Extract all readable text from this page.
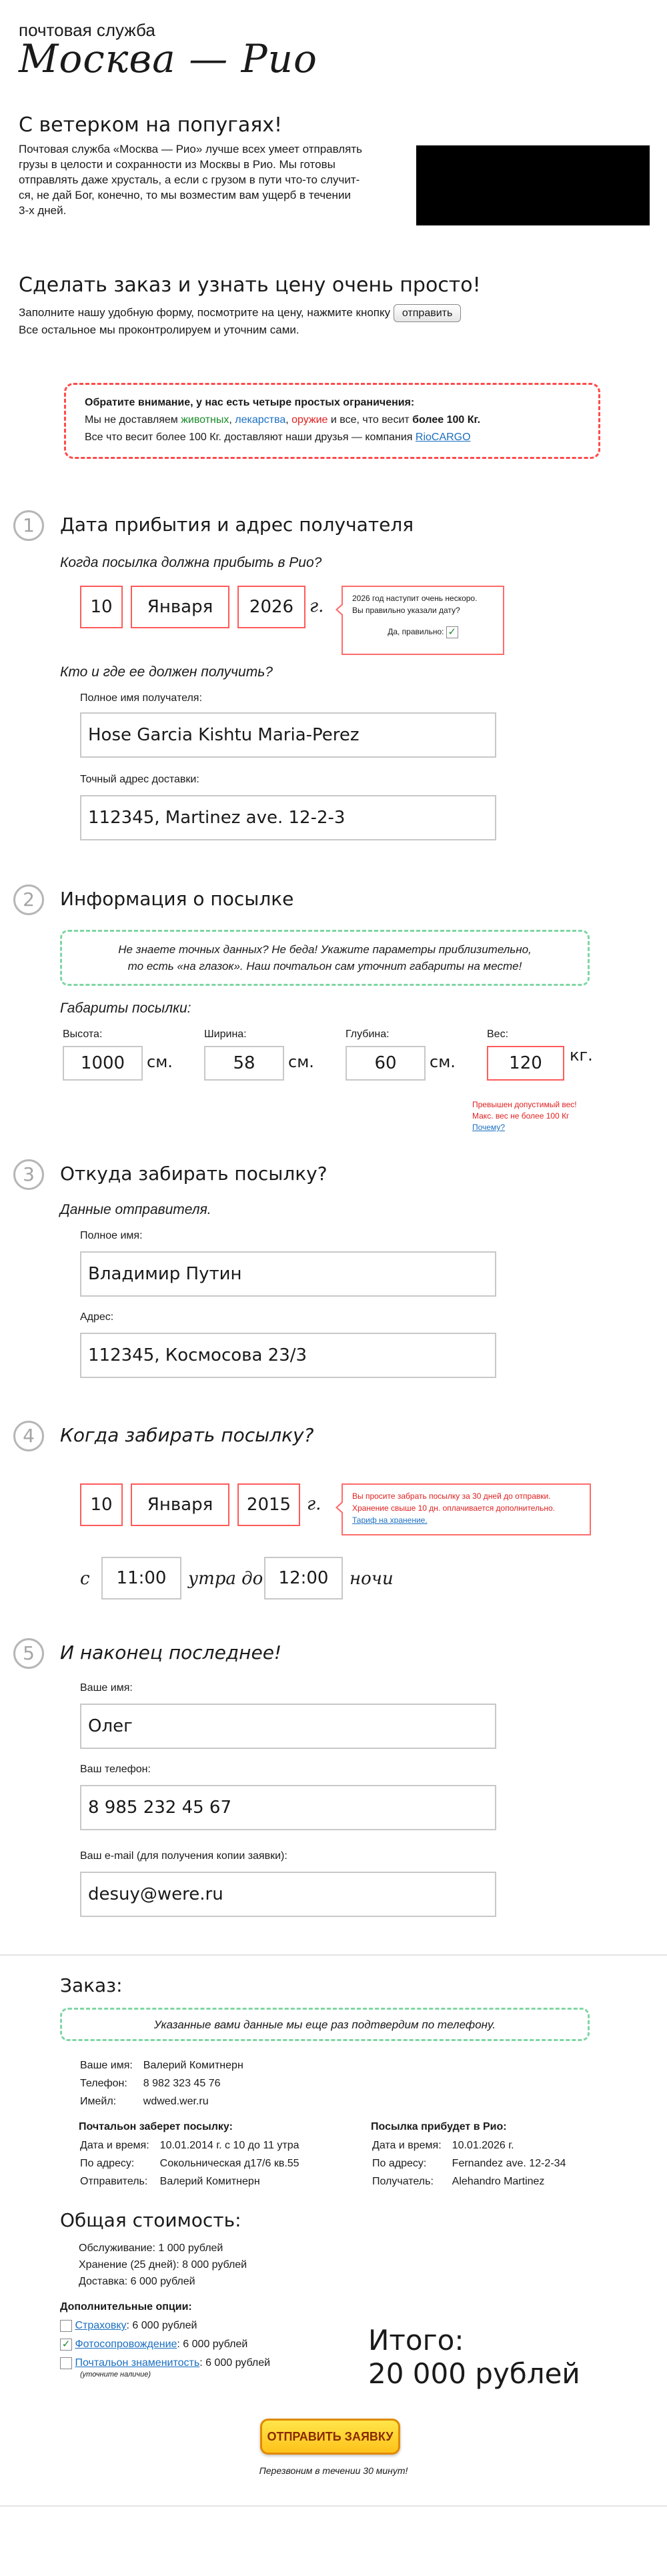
почтовая служба
Москва — Рио
С ветерком на попугаях!
Почтовая служба «Москва — Рио» лучше всех умеет отправлять
грузы в целости и сохранности из Москвы в Рио. Мы готовы
отправлять даже хрусталь, а если с грузом в пути что-то случит-
ся, не дай Бог, конечно, то мы возместим вам ущерб в течении
3-х дней.
Сделать заказ и узнать цену очень просто!
Заполните нашу удобную форму, посмотрите на цену, нажмите кнопку отправить
Все остальное мы проконтролируем и уточним сами.
Обратите внимание, у нас есть четыре простых ограничения:
Мы не доставляем животных, лекарства, оружие и все, что весит более 100 Кг.
Все что весит более 100 Кг. доставляют наши друзья — компания RioCARGO
1	Дата прибытия и адрес получателя
Когда посылка должна прибыть в Рио?
10	Января	2026 г.	2026 год наступит очень нескоро.
Вы правильно указали дату?
Да, правильно: ✓
Кто и где ее должен получить?
Полное имя получателя:
Hose Garcia Kishtu Maria-Perez
Точный адрес доставки:
112345, Martinez ave. 12-2-3
2	Информация о посылке
Не знаете точных данных? Не беда! Укажите параметры приблизительно,
то есть «на глазок». Наш почтальон сам уточнит габариты на месте!
Габариты посылки:
Высота:
1000	см.
Ширина:
58	см.
Глубина:
60	см.
Вес:
120	кг.
Превышен допустимый вес!
Макс. вес не более 100 Кг
Почему?
3	Откуда забирать посылку?
Данные отправителя.
Полное имя:
Владимир Путин
Адрес:
112345, Космосова 23/3
4	Когда забирать посылку?
10	Января	2015 г.	Вы просите забрать посылку за 30 дней до отправки.
Хранение свыше 10 дн. оплачивается дополнительно.
Тариф на хранение.
с	11:00	утра до 12:00	ночи
5	И наконец последнее!
Ваше имя:
Олег
Ваш телефон:
8 985 232 45 67
Ваш e-mail (для получения копии заявки):
desuy@were.ru
Заказ:
Указанные вами данные мы еще раз подтвердим по телефону.
Ваше имя:	Валерий Комитнерн
Телефон:	8 982 323 45 76
Имейл:	wdwed.wer.ru
Почтальон заберет посылку:
Дата и время:	10.01.2014 г. с 10 до 11 утра
По адресу:	Сокольническая д17/6 кв.55
Отправитель:	Валерий Комитнерн
Посылка прибудет в Рио:
Дата и время:	10.01.2026 г.
По адресу:	Fernandez ave. 12-2-34
Получатель:	Alehandro Martinez
Общая стоимость:
Обслуживание: 1 000 рублей
Хранение (25 дней): 8 000 рублей
Доставка: 6 000 рублей
Дополнительные опции:
Страховку: 6 000 рублей
✓ Фотосопровождение: 6 000 рублей
Почтальон знаменитость: 6 000 рублей
(уточните наличие)
Итого:
20 000 рублей
ОТПРАВИТЬ ЗАЯВКУ
Перезвоним в течении 30 минут!
